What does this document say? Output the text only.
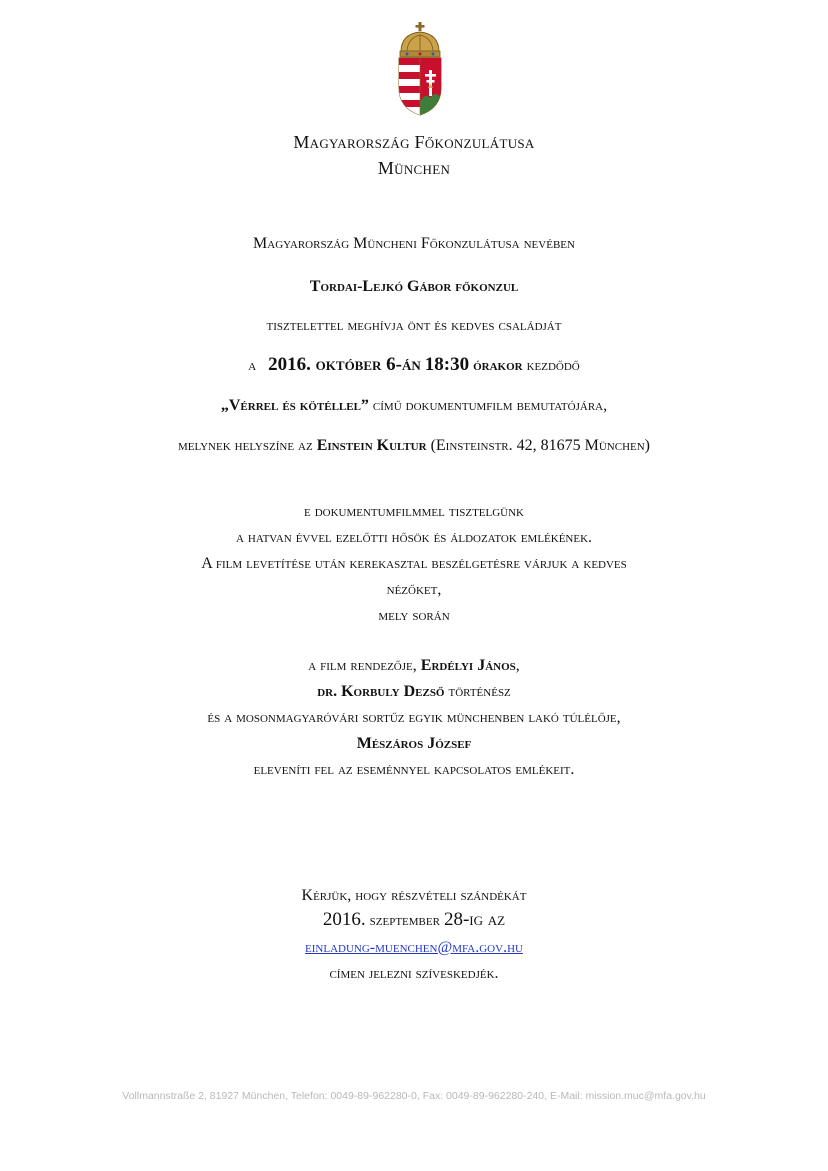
Magyarország Főkonzulátusa
München
Magyarország Müncheni Főkonzulátusa nevében
Tordai-Lejkó Gábor főkonzul
tisztelettel meghívja önt és kedves családját
a 2016. október 6-án 18:30 órakor kezdődő
„Vérrel és kötéllel” című dokumentumfilm bemutatójára,
melynek helyszíne az Einstein Kultur (Einsteinstr. 42, 81675 München)
e dokumentumfilmmel tisztelgünk
a hatvan évvel ezelőtti hősök és áldozatok emlékének.
A film levetítése után kerekasztal beszélgetésre várjuk a kedves
nézőket,
mely során
a film rendezője, Erdélyi János,
dr. Korbuly Dezső történész
és a mosonmagyaróvári sortűz egyik münchenben lakó túlélője,
Mészáros József
eleveníti fel az eseménnyel kapcsolatos emlékeit.
Kérjük, hogy részvételi szándékát
2016. szeptember 28-ig az
einladung-muenchen@mfa.gov.hu
címen jelezni szíveskedjék.
Vollmannstraße 2, 81927 München, Telefon: 0049-89-962280-0, Fax: 0049-89-962280-240, E-Mail: mission.muc@mfa.gov.hu
